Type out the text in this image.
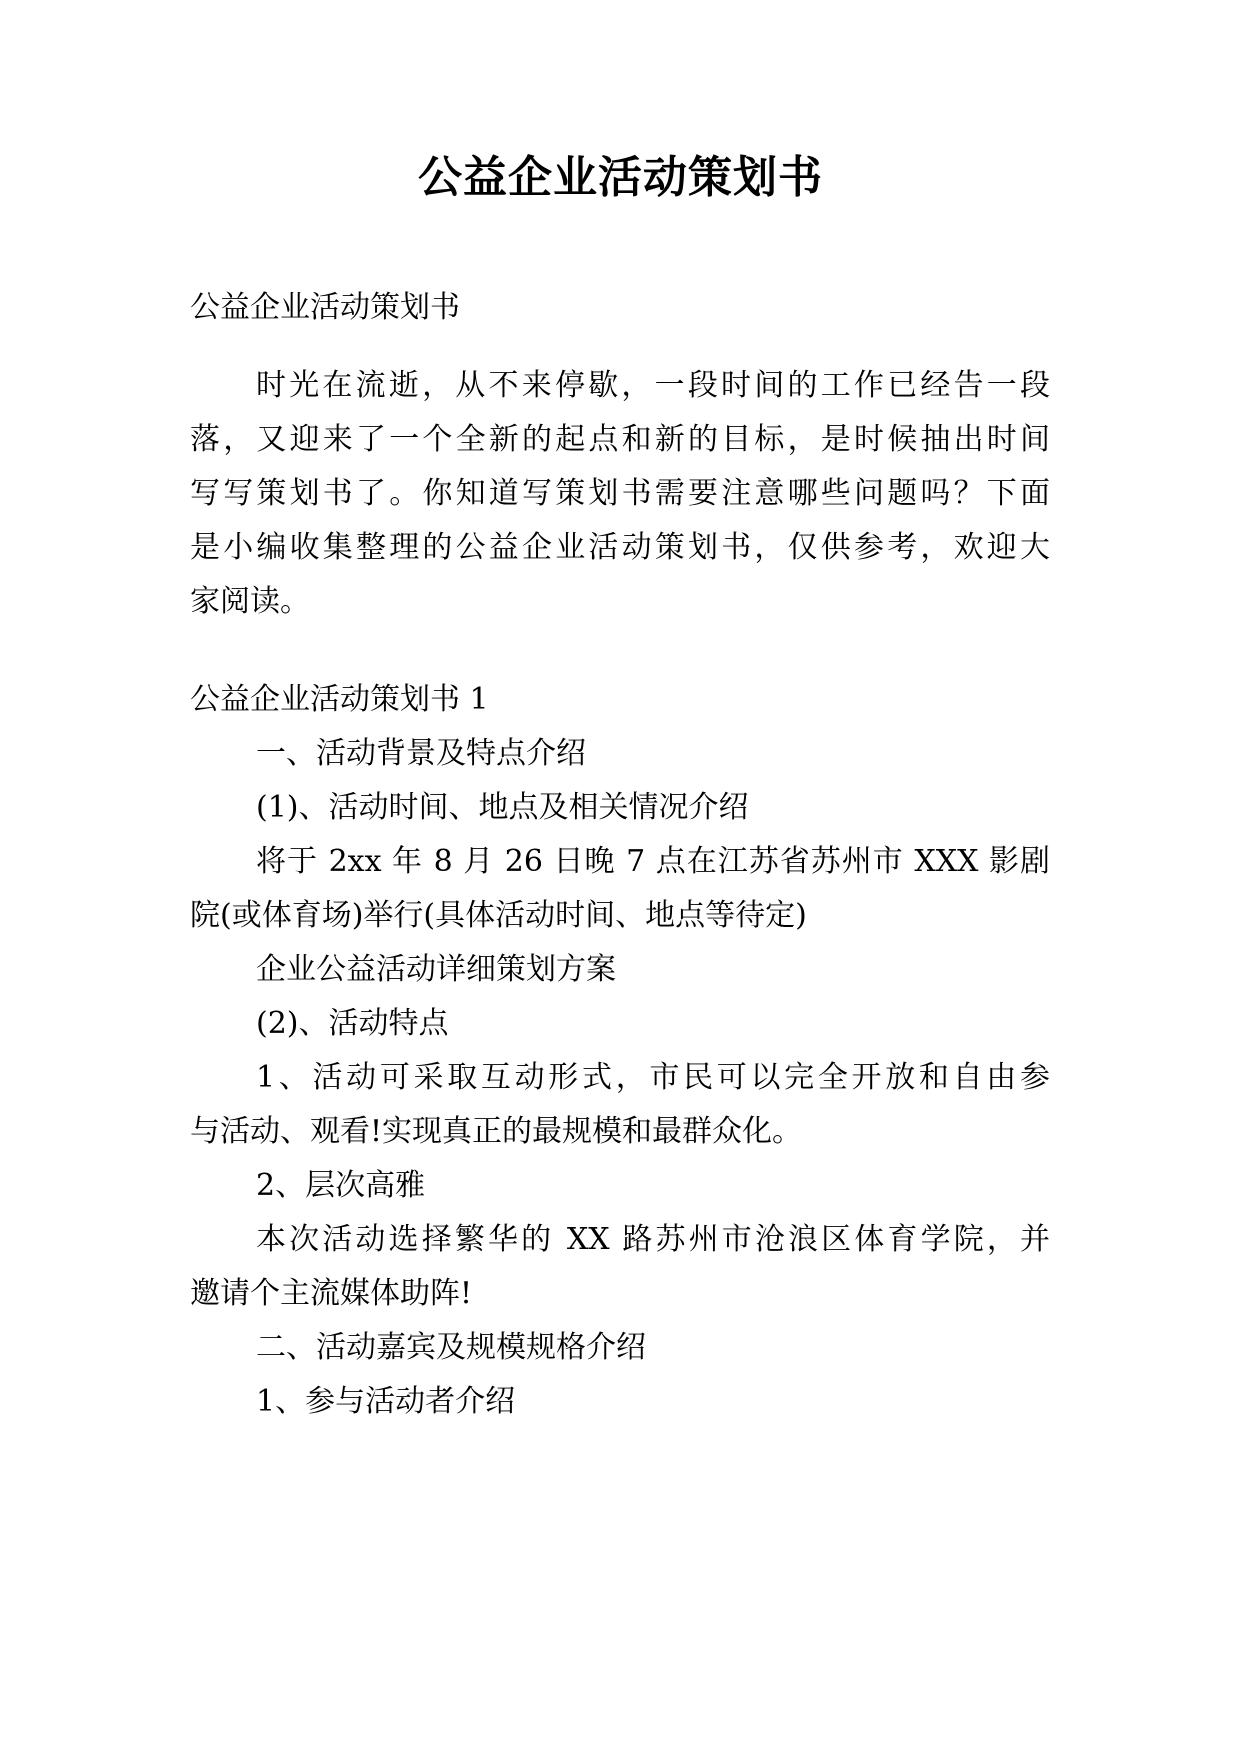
公益企业活动策划书
公益企业活动策划书
时光在流逝，从不来停歇，一段时间的工作已经告一段
落，又迎来了一个全新的起点和新的目标，是时候抽出时间
写写策划书了。你知道写策划书需要注意哪些问题吗？下面
是小编收集整理的公益企业活动策划书，仅供参考，欢迎大
家阅读。
公益企业活动策划书 1
一、活动背景及特点介绍
(1)、活动时间、地点及相关情况介绍
将于 2xx 年 8 月 26 日晚 7 点在江苏省苏州市 XXX 影剧
院(或体育场)举行(具体活动时间、地点等待定)
企业公益活动详细策划方案
(2)、活动特点
1、活动可采取互动形式，市民可以完全开放和自由参
与活动、观看!实现真正的最规模和最群众化。
2、层次高雅
本次活动选择繁华的 XX 路苏州市沧浪区体育学院，并
邀请个主流媒体助阵!
二、活动嘉宾及规模规格介绍
1、参与活动者介绍
